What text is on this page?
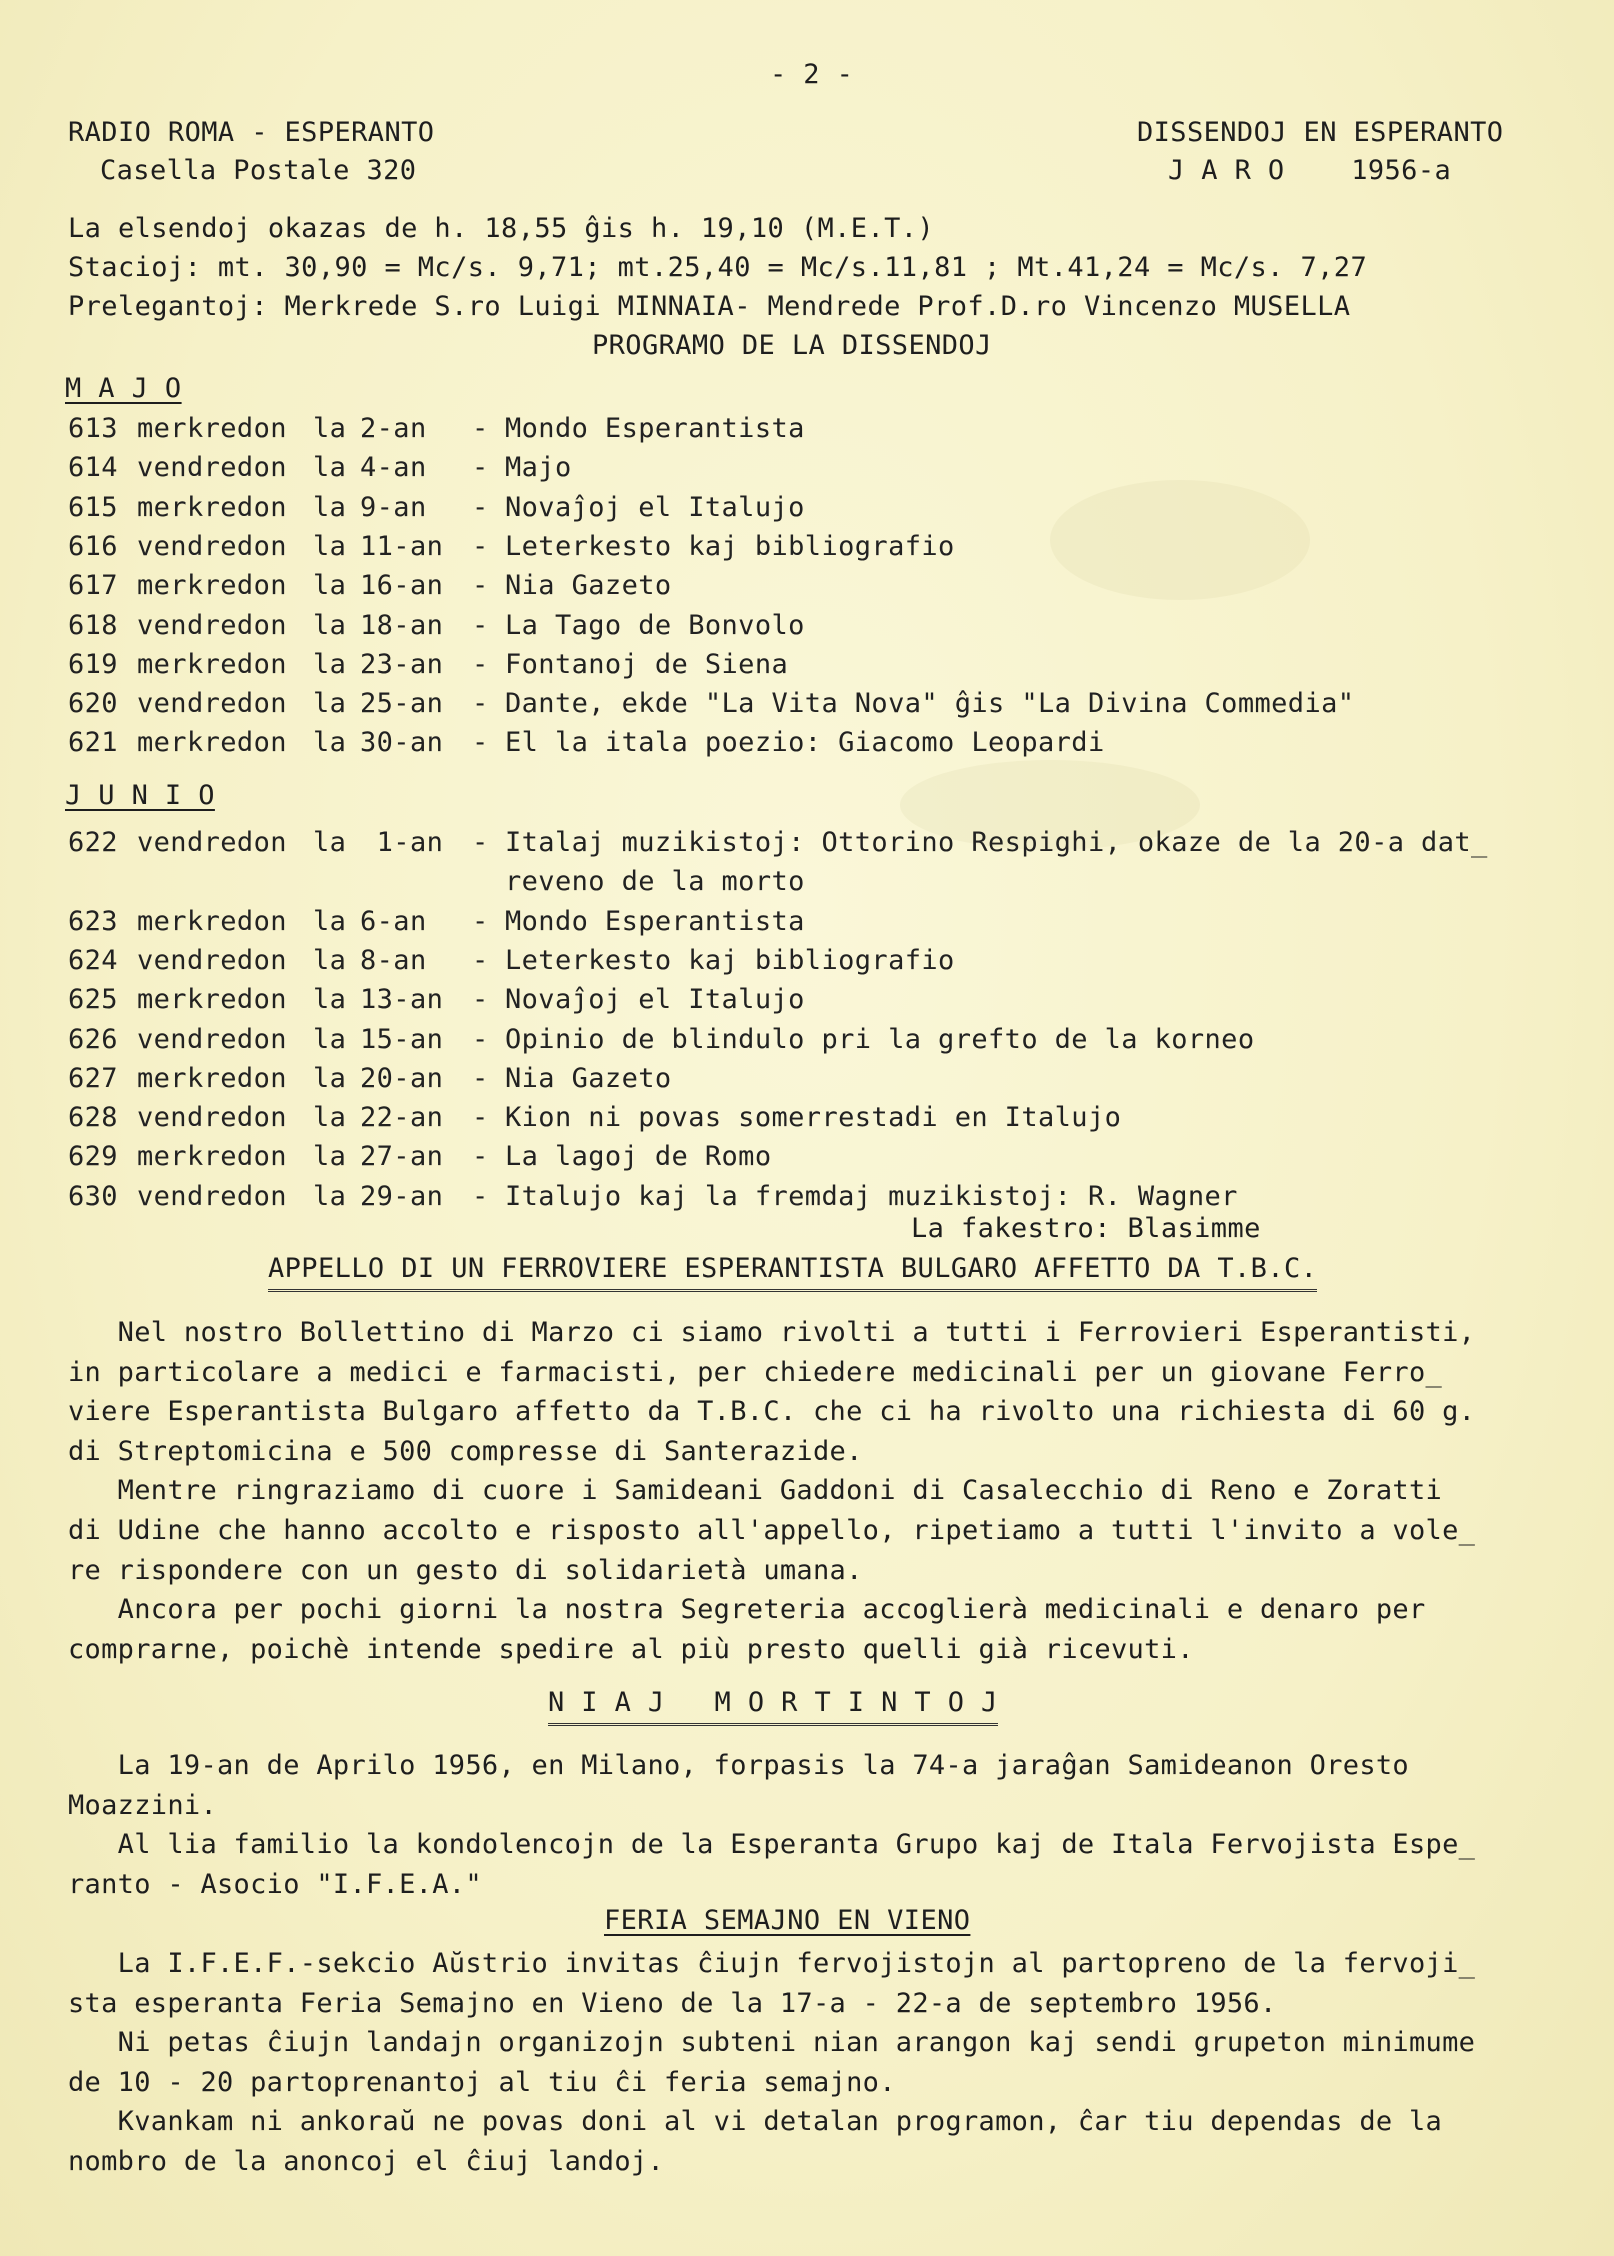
- 2 -
RADIO ROMA - ESPERANTO
Casella Postale 320
DISSENDOJ EN ESPERANTO
J A R O    1956-a
La elsendoj okazas de h. 18,55 ĝis h. 19,10 (M.E.T.)
Stacioj: mt. 30,90 = Mc/s. 9,71; mt.25,40 = Mc/s.11,81 ; Mt.41,24 = Mc/s. 7,27
Prelegantoj: Merkrede S.ro Luigi MINNAIA- Mendrede Prof.D.ro Vincenzo MUSELLA
PROGRAMO DE LA DISSENDOJ
M A J O
613 merkredon la 2-an - Mondo Esperantista
614 vendredon la 4-an - Majo
615 merkredon la 9-an - Novaĵoj el Italujo
616 vendredon la 11-an - Leterkesto kaj bibliografio
617 merkredon la 16-an - Nia Gazeto
618 vendredon la 18-an - La Tago de Bonvolo
619 merkredon la 23-an - Fontanoj de Siena
620 vendredon la 25-an - Dante, ekde "La Vita Nova" ĝis "La Divina Commedia"
621 merkredon la 30-an - El la itala poezio: Giacomo Leopardi
J U N I O
622 vendredon la 1-an - Italaj muzikistoj: Ottorino Respighi, okaze de la 20-a dat_
reveno de la morto
623 merkredon la 6-an - Mondo Esperantista
624 vendredon la 8-an - Leterkesto kaj bibliografio
625 merkredon la 13-an - Novaĵoj el Italujo
626 vendredon la 15-an - Opinio de blindulo pri la grefto de la korneo
627 merkredon la 20-an - Nia Gazeto
628 vendredon la 22-an - Kion ni povas somerrestadi en Italujo
629 merkredon la 27-an - La lagoj de Romo
630 vendredon la 29-an - Italujo kaj la fremdaj muzikistoj: R. Wagner
La fakestro: Blasimme
APPELLO DI UN FERROVIERE ESPERANTISTA BULGARO AFFETTO DA T.B.C.
Nel nostro Bollettino di Marzo ci siamo rivolti a tutti i Ferrovieri Esperantisti,
in particolare a medici e farmacisti, per chiedere medicinali per un giovane Ferro_
viere Esperantista Bulgaro affetto da T.B.C. che ci ha rivolto una richiesta di 60 g.
di Streptomicina e 500 compresse di Santerazide.
Mentre ringraziamo di cuore i Samideani Gaddoni di Casalecchio di Reno e Zoratti
di Udine che hanno accolto e risposto all'appello, ripetiamo a tutti l'invito a vole_
re rispondere con un gesto di solidarietà umana.
Ancora per pochi giorni la nostra Segreteria accoglierà medicinali e denaro per
comprarne, poichè intende spedire al più presto quelli già ricevuti.
N I A J   M O R T I N T O J
La 19-an de Aprilo 1956, en Milano, forpasis la 74-a jaraĝan Samideanon Oresto
Moazzini.
Al lia familio la kondolencojn de la Esperanta Grupo kaj de Itala Fervojista Espe_
ranto - Asocio "I.F.E.A."
FERIA SEMAJNO EN VIENO
La I.F.E.F.-sekcio Aŭstrio invitas ĉiujn fervojistojn al partopreno de la fervoji_
sta esperanta Feria Semajno en Vieno de la 17-a - 22-a de septembro 1956.
Ni petas ĉiujn landajn organizojn subteni nian arangon kaj sendi grupeton minimume
de 10 - 20 partoprenantoj al tiu ĉi feria semajno.
Kvankam ni ankoraŭ ne povas doni al vi detalan programon, ĉar tiu dependas de la
nombro de la anoncoj el ĉiuj landoj.
